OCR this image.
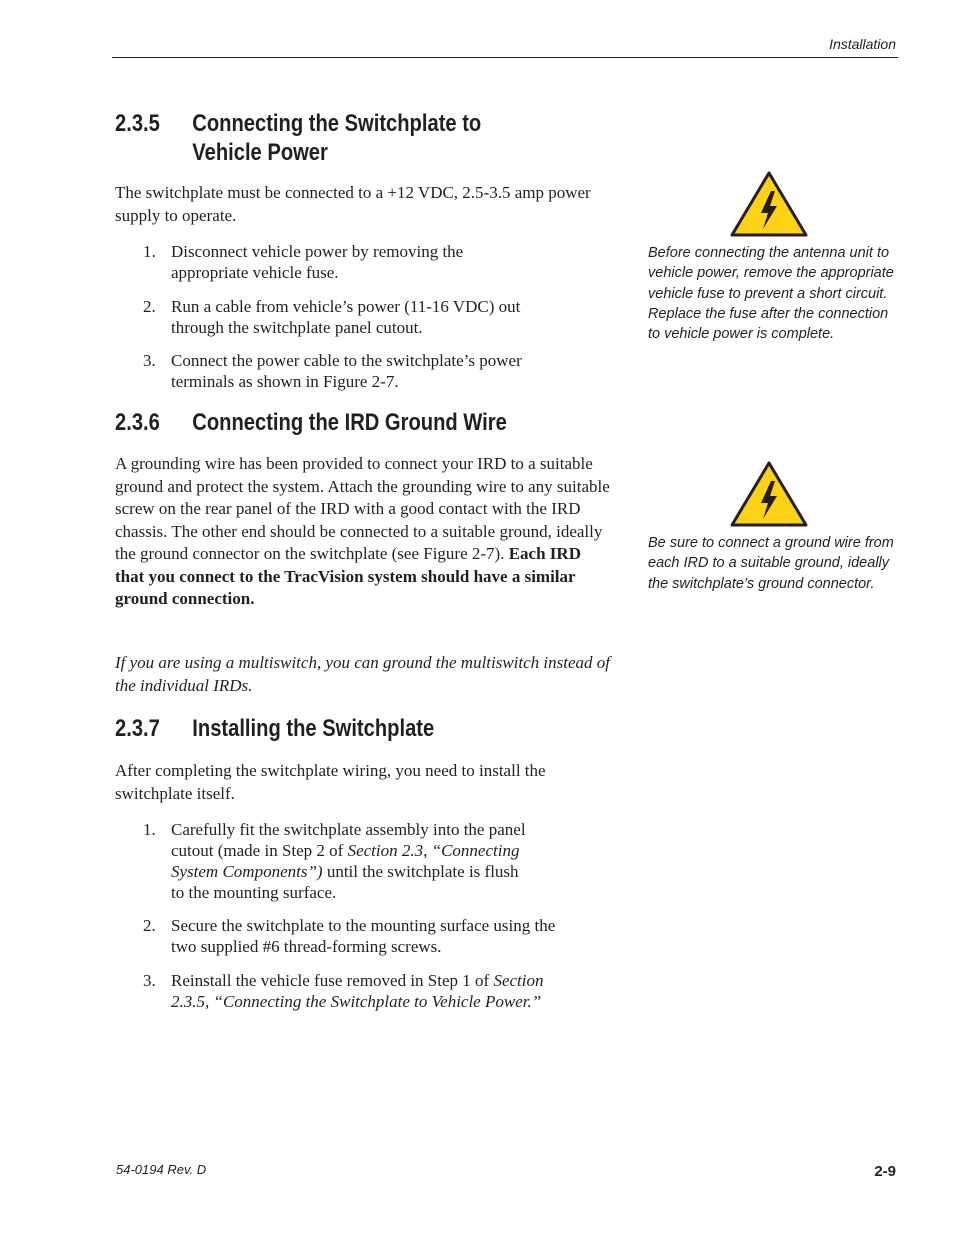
Installation
2.3.5 Connecting the Switchplate to
Vehicle Power

The switchplate must be connected to a +12 VDC, 2.5-3.5 amp power supply to operate.

1. Disconnect vehicle power by removing the appropriate vehicle fuse.
2. Run a cable from vehicle’s power (11-16 VDC) out through the switchplate panel cutout.
3. Connect the power cable to the switchplate’s power terminals as shown in Figure 2-7.
2.3.6 Connecting the IRD Ground Wire

A grounding wire has been provided to connect your IRD to a suitable ground and protect the system. Attach the grounding wire to any suitable screw on the rear panel of the IRD with a good contact with the IRD chassis. The other end should be connected to a suitable ground, ideally the ground connector on the switchplate (see Figure 2-7). Each IRD that you connect to the TracVision system should have a similar ground connection.

If you are using a multiswitch, you can ground the multiswitch instead of the individual IRDs.

2.3.7 Installing the Switchplate

After completing the switchplate wiring, you need to install the switchplate itself.

1. Carefully fit the switchplate assembly into the panel cutout (made in Step 2 of Section 2.3, “Connecting System Components”) until the switchplate is flush to the mounting surface.
2. Secure the switchplate to the mounting surface using the two supplied #6 thread-forming screws.
3. Reinstall the vehicle fuse removed in Step 1 of Section 2.3.5, “Connecting the Switchplate to Vehicle Power.”
Before connecting the antenna unit to vehicle power, remove the appropriate vehicle fuse to prevent a short circuit. Replace the fuse after the connection to vehicle power is complete.
Be sure to connect a ground wire from each IRD to a suitable ground, ideally the switchplate’s ground connector.
54-0194 Rev. D	2-9
